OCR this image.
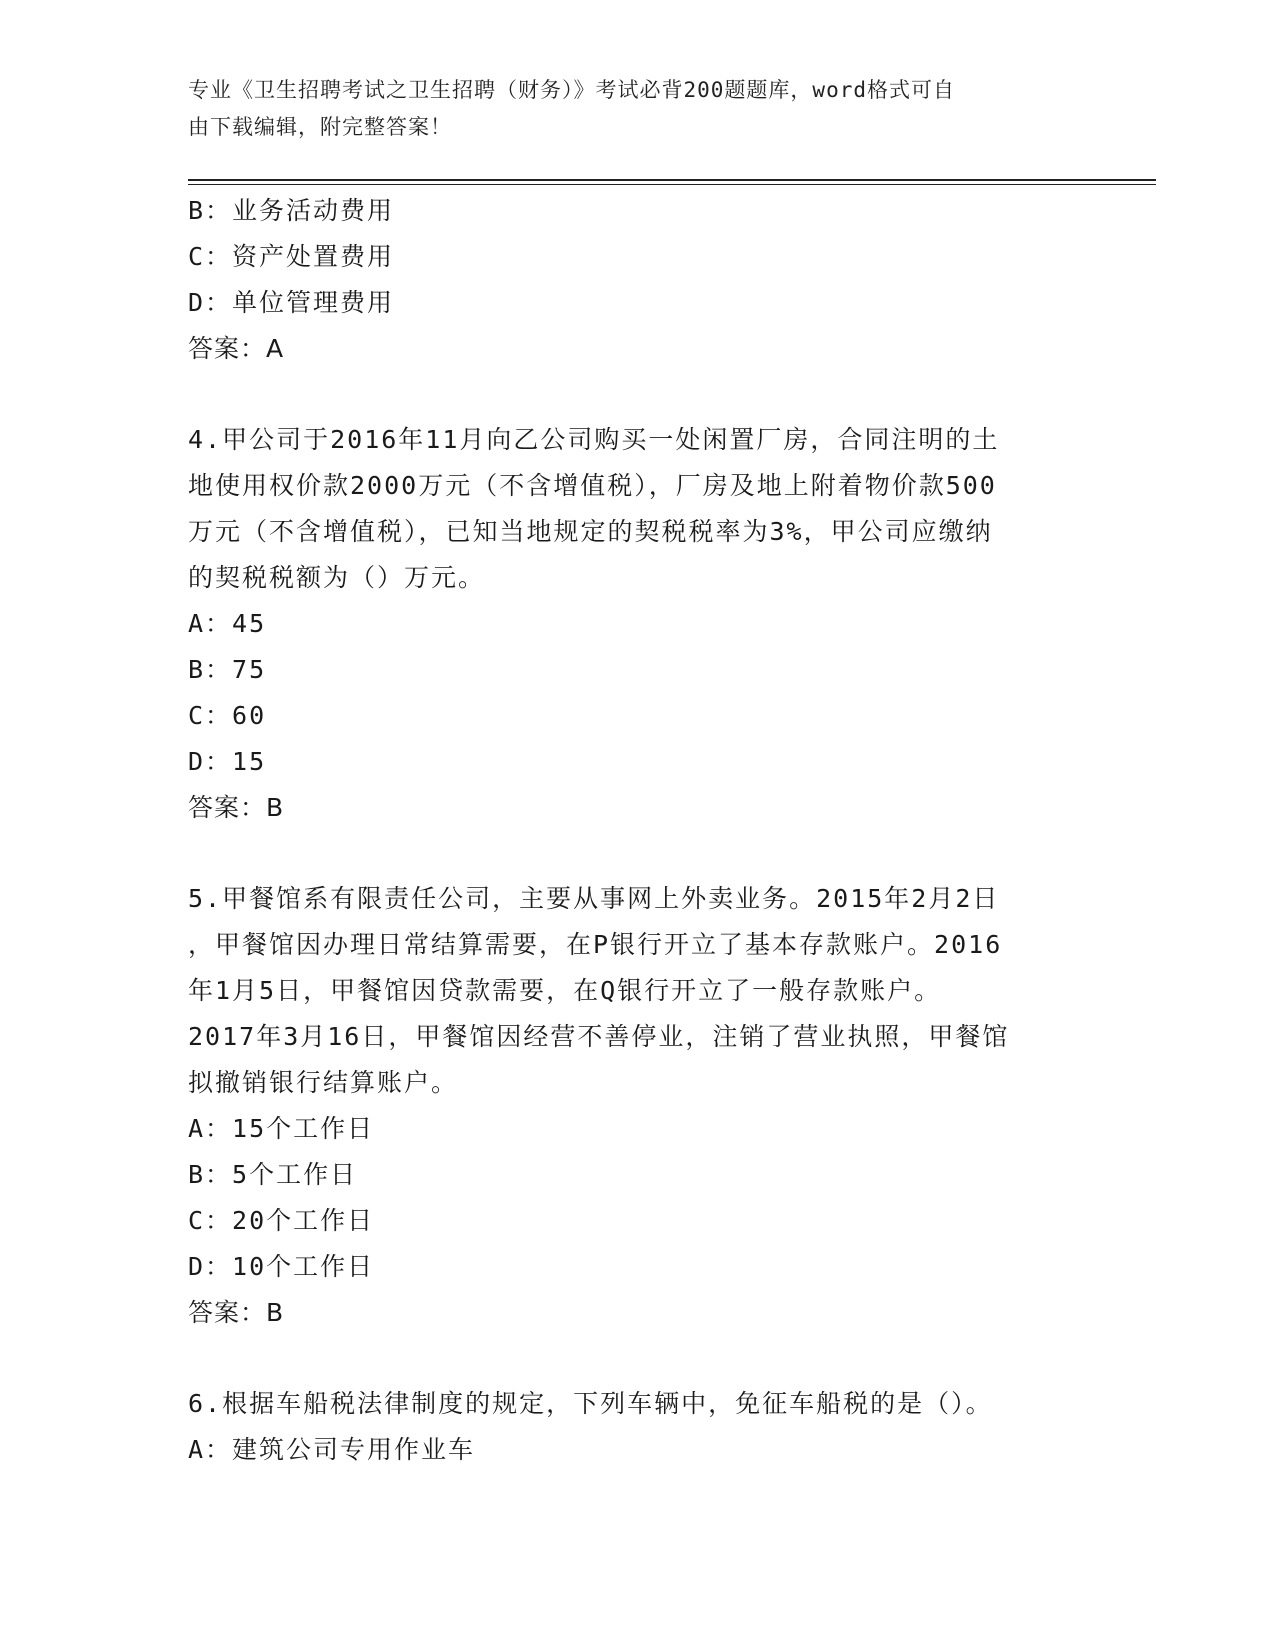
专业《卫生招聘考试之卫生招聘（财务）》考试必背200题题库，word格式可自
由下载编辑，附完整答案！
B：业务活动费用
C：资产处置费用
D：单位管理费用
答案：A
4.甲公司于2016年11月向乙公司购买一处闲置厂房，合同注明的土
地使用权价款2000万元（不含增值税），厂房及地上附着物价款500
万元（不含增值税），已知当地规定的契税税率为3%，甲公司应缴纳
的契税税额为（）万元。
A：45
B：75
C：60
D：15
答案：B
5.甲餐馆系有限责任公司，主要从事网上外卖业务。2015年2月2日
，甲餐馆因办理日常结算需要，在P银行开立了基本存款账户。2016
年1月5日，甲餐馆因贷款需要，在Q银行开立了一般存款账户。
2017年3月16日，甲餐馆因经营不善停业，注销了营业执照，甲餐馆
拟撤销银行结算账户。
A：15个工作日
B：5个工作日
C：20个工作日
D：10个工作日
答案：B
6.根据车船税法律制度的规定，下列车辆中，免征车船税的是（）。
A：建筑公司专用作业车
